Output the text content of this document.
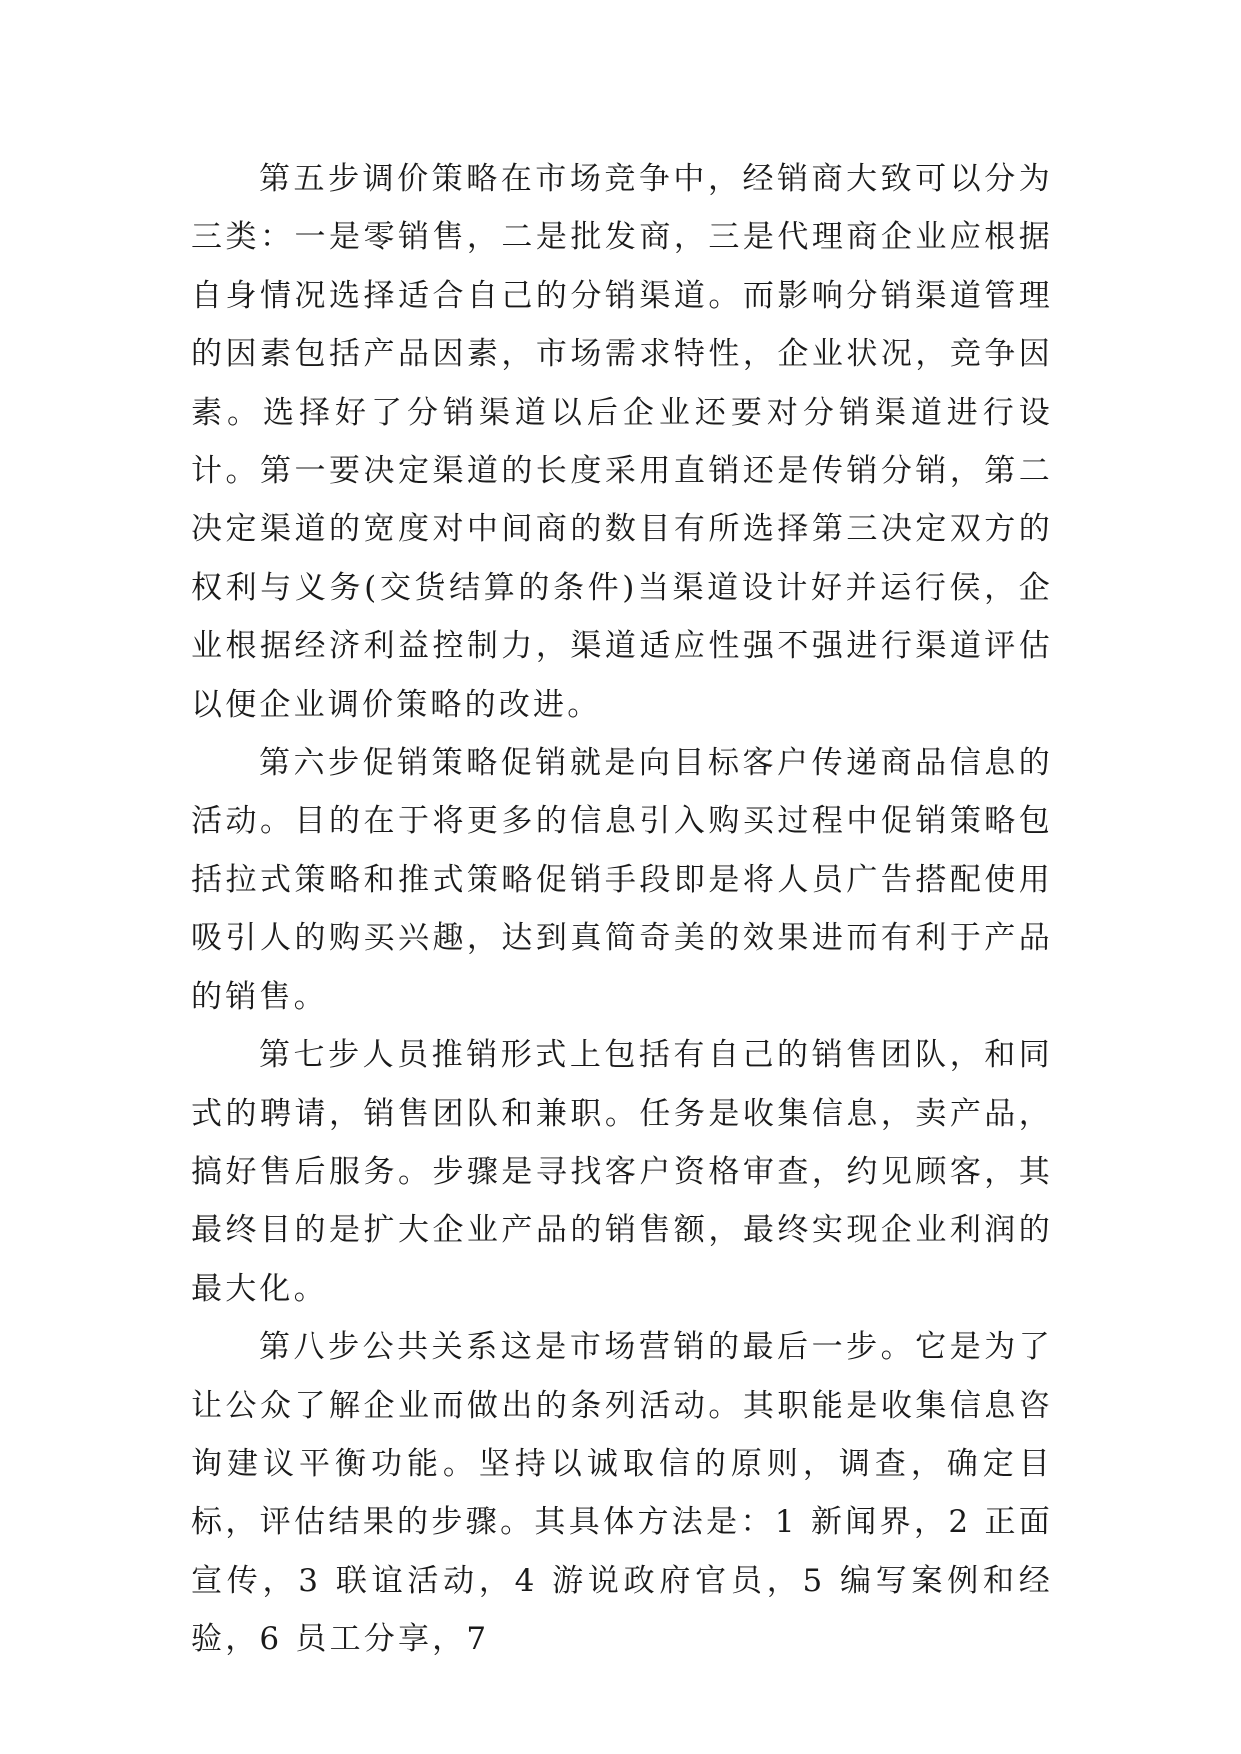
第五步调价策略在市场竞争中，经销商大致可以分为三类：一是零销售，二是批发商，三是代理商企业应根据自身情况选择适合自己的分销渠道。而影响分销渠道管理的因素包括产品因素，市场需求特性，企业状况，竞争因素。选择好了分销渠道以后企业还要对分销渠道进行设计。第一要决定渠道的长度采用直销还是传销分销，第二决定渠道的宽度对中间商的数目有所选择第三决定双方的权利与义务(交货结算的条件)当渠道设计好并运行侯，企业根据经济利益控制力，渠道适应性强不强进行渠道评估以便企业调价策略的改进。

第六步促销策略促销就是向目标客户传递商品信息的活动。目的在于将更多的信息引入购买过程中促销策略包括拉式策略和推式策略促销手段即是将人员广告搭配使用吸引人的购买兴趣，达到真简奇美的效果进而有利于产品的销售。

第七步人员推销形式上包括有自己的销售团队，和同式的聘请，销售团队和兼职。任务是收集信息，卖产品，搞好售后服务。步骤是寻找客户资格审查，约见顾客，其最终目的是扩大企业产品的销售额，最终实现企业利润的最大化。

第八步公共关系这是市场营销的最后一步。它是为了让公众了解企业而做出的条列活动。其职能是收集信息咨询建议平衡功能。坚持以诚取信的原则，调查，确定目标，评估结果的步骤。其具体方法是：1 新闻界，2 正面宣传，3 联谊活动，4 游说政府官员，5 编写案例和经验，6 员工分享，7
